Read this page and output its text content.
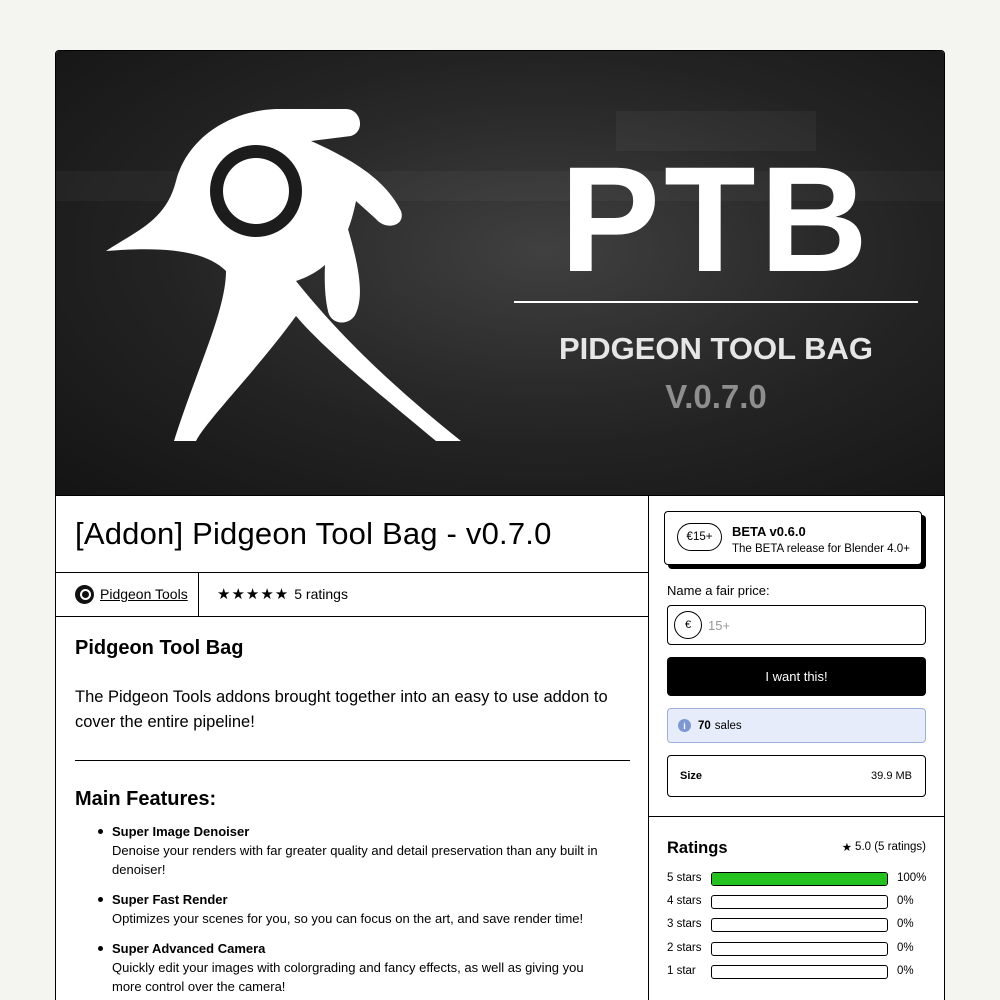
PTB
PIDGEON TOOL BAG
V.0.7.0
[Addon] Pidgeon Tool Bag - v0.7.0
Pidgeon Tools ★★★★★ 5 ratings
Pidgeon Tool Bag

The Pidgeon Tools addons brought together into an easy to use addon to cover the entire pipeline!

Main Features:
Super Image Denoiser
Denoise your renders with far greater quality and detail preservation than any built in denoiser!
Super Fast Render
Optimizes your scenes for you, so you can focus on the art, and save render time!
Super Advanced Camera
Quickly edit your images with colorgrading and fancy effects, as well as giving you more control over the camera!
€15+	BETA v0.6.0
The BETA release for Blender 4.0+
Name a fair price:
€
15+
I want this!
i	70 sales
Size	39.9 MB
Ratings	★ 5.0 (5 ratings)
5 stars	100%
4 stars	0%
3 stars	0%
2 stars	0%
1 star	0%
